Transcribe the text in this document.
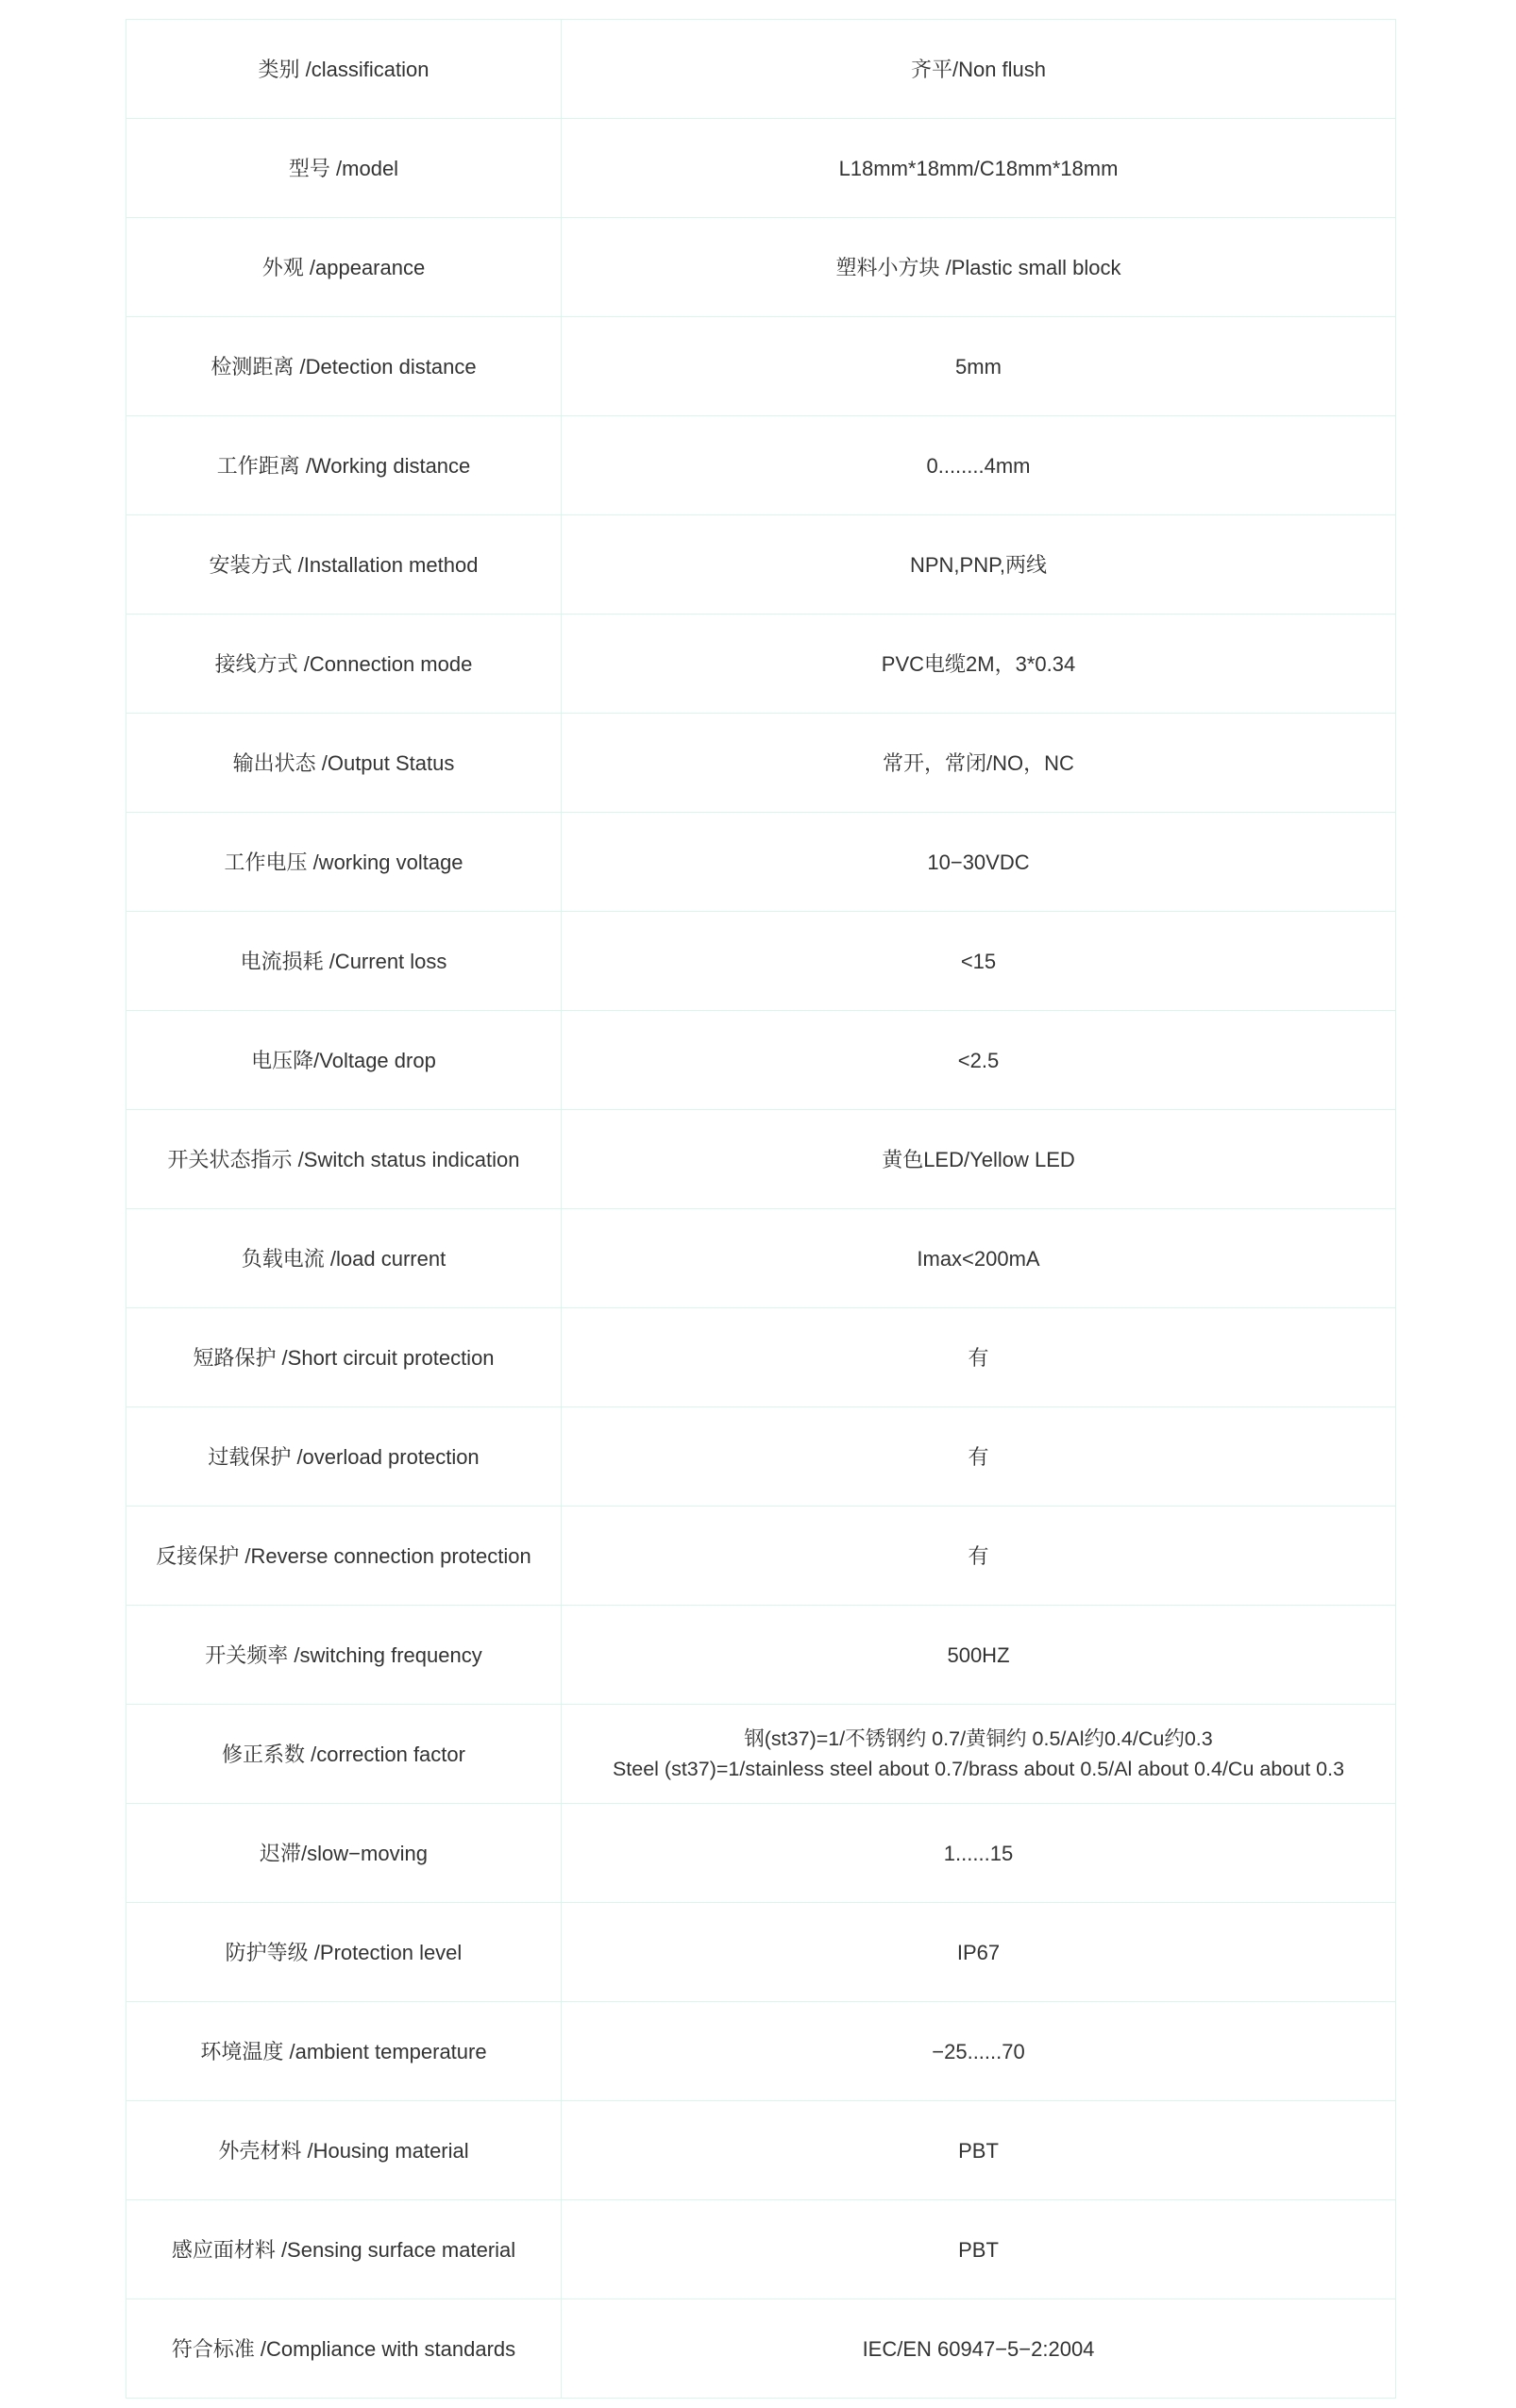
类别 /classification	齐平/Non flush
型号 /model	L18mm*18mm/C18mm*18mm
外观 /appearance	塑料小方块 /Plastic small block
检测距离 /Detection distance	5mm
工作距离 /Working distance	0........4mm
安装方式 /Installation method	NPN,PNP,两线
接线方式 /Connection mode	PVC电缆2M，3*0.34
输出状态 /Output Status	常开，常闭/NO，NC
工作电压 /working voltage	10−30VDC
电流损耗 /Current loss	<15
电压降/Voltage drop	<2.5
开关状态指示 /Switch status indication	黄色LED/Yellow LED
负载电流 /load current	Imax<200mA
短路保护 /Short circuit protection	有
过载保护 /overload protection	有
反接保护 /Reverse connection protection	有
开关频率 /switching frequency	500HZ
修正系数 /correction factor	钢(st37)=1/不锈钢约 0.7/黄铜约 0.5/Al约0.4/Cu约0.3
Steel (st37)=1/stainless steel about 0.7/brass about 0.5/Al about 0.4/Cu about 0.3

迟滞/slow−moving	1......15
防护等级 /Protection level	IP67
环境温度 /ambient temperature	−25......70
外壳材料 /Housing material	PBT
感应面材料 /Sensing surface material	PBT
符合标准 /Compliance with standards	IEC/EN 60947−5−2:2004
